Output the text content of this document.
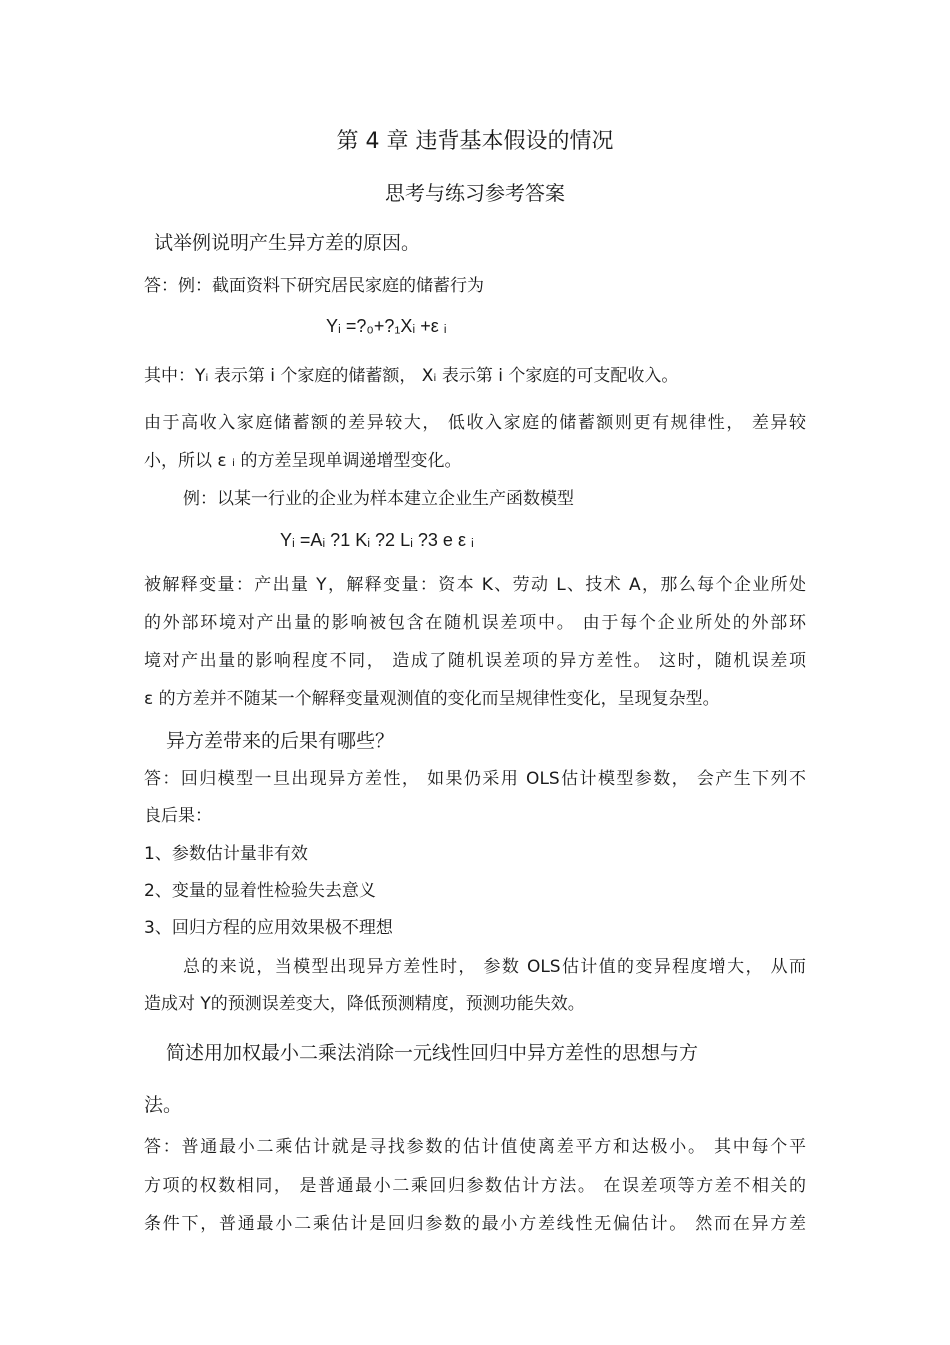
第 4 章 违背基本假设的情况
思考与练习参考答案
试举例说明产生异方差的原因。
答：例：截面资料下研究居民家庭的储蓄行为
Yᵢ =?₀+?₁Xᵢ +ε ᵢ
其中：Yᵢ 表示第 i 个家庭的储蓄额， Xᵢ 表示第 i 个家庭的可支配收入。
由于高收入家庭储蓄额的差异较大， 低收入家庭的储蓄额则更有规律性， 差异较
小，所以 ε ᵢ 的方差呈现单调递增型变化。
例：以某一行业的企业为样本建立企业生产函数模型
Yᵢ =Aᵢ ?1 Kᵢ ?2 Lᵢ ?3 e ε ᵢ
被解释变量：产出量 Y，解释变量：资本 K、劳动 L、技术 A，那么每个企业所处
的外部环境对产出量的影响被包含在随机误差项中。 由于每个企业所处的外部环
境对产出量的影响程度不同， 造成了随机误差项的异方差性。 这时，随机误差项
ε 的方差并不随某一个解释变量观测值的变化而呈规律性变化，呈现复杂型。
异方差带来的后果有哪些？
答：回归模型一旦出现异方差性， 如果仍采用 OLS估计模型参数， 会产生下列不
良后果：
1、参数估计量非有效
2、变量的显着性检验失去意义
3、回归方程的应用效果极不理想
总的来说，当模型出现异方差性时， 参数 OLS估计值的变异程度增大， 从而
造成对 Y的预测误差变大，降低预测精度，预测功能失效。
简述用加权最小二乘法消除一元线性回归中异方差性的思想与方
法。
答：普通最小二乘估计就是寻找参数的估计值使离差平方和达极小。 其中每个平
方项的权数相同， 是普通最小二乘回归参数估计方法。 在误差项等方差不相关的
条件下，普通最小二乘估计是回归参数的最小方差线性无偏估计。 然而在异方差
